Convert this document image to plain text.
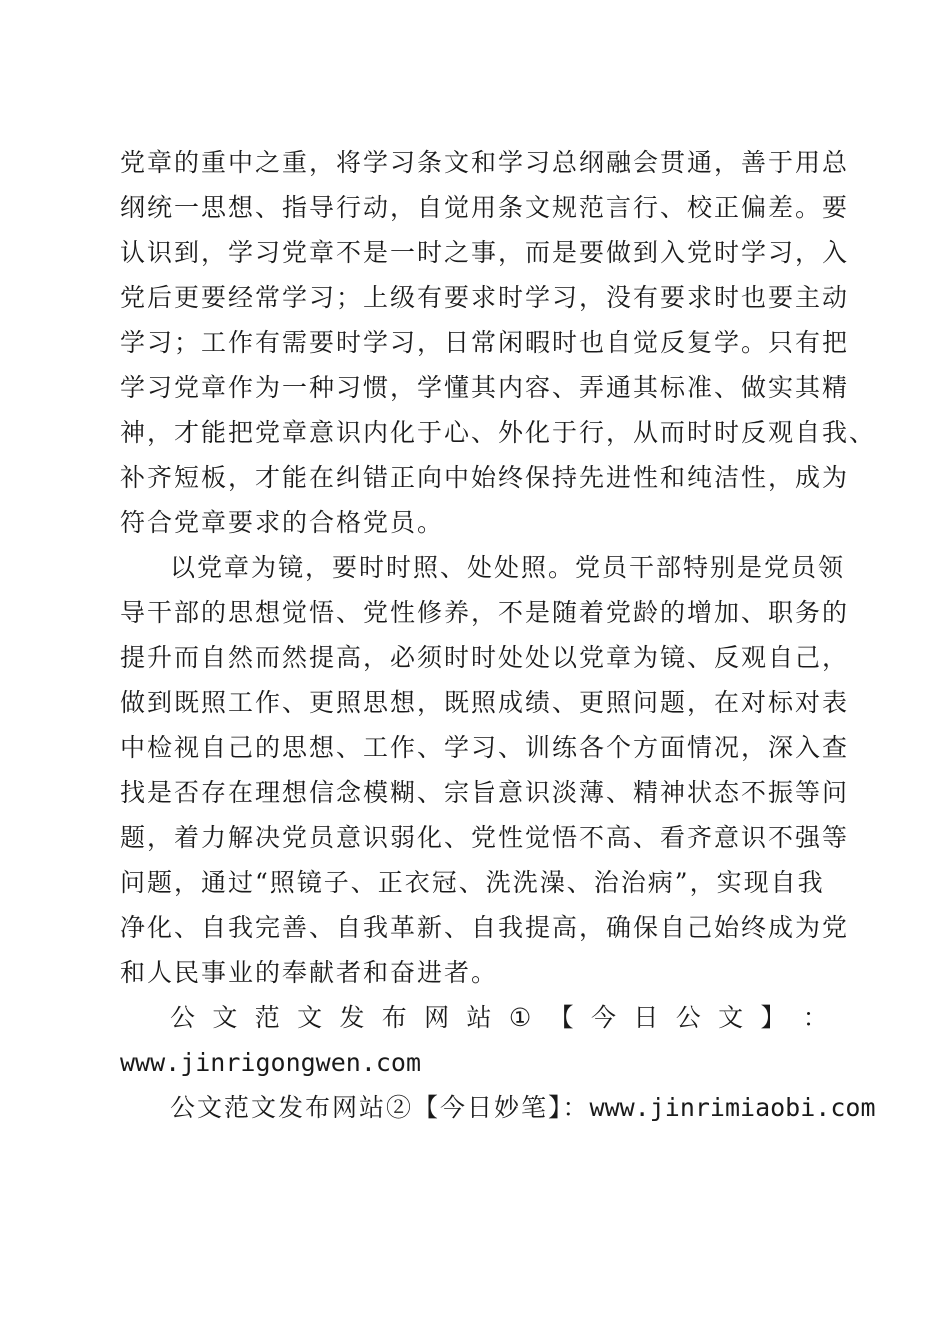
党章的重中之重，将学习条文和学习总纲融会贯通，善于用总
纲统一思想、指导行动，自觉用条文规范言行、校正偏差。要
认识到，学习党章不是一时之事，而是要做到入党时学习，入
党后更要经常学习；上级有要求时学习，没有要求时也要主动
学习；工作有需要时学习，日常闲暇时也自觉反复学。只有把
学习党章作为一种习惯，学懂其内容、弄通其标准、做实其精
神，才能把党章意识内化于心、外化于行，从而时时反观自我、
补齐短板，才能在纠错正向中始终保持先进性和纯洁性，成为
符合党章要求的合格党员。
以党章为镜，要时时照、处处照。党员干部特别是党员领
导干部的思想觉悟、党性修养，不是随着党龄的增加、职务的
提升而自然而然提高，必须时时处处以党章为镜、反观自己，
做到既照工作、更照思想，既照成绩、更照问题，在对标对表
中检视自己的思想、工作、学习、训练各个方面情况，深入查
找是否存在理想信念模糊、宗旨意识淡薄、精神状态不振等问
题，着力解决党员意识弱化、党性觉悟不高、看齐意识不强等
问题，通过“照镜子、正衣冠、洗洗澡、治治病”，实现自我
净化、自我完善、自我革新、自我提高，确保自己始终成为党
和人民事业的奉献者和奋进者。
公 文 范 文 发 布 网 站 ① 【 今 日 公 文 】 ：
www.jinrigongwen.com
公文范文发布网站②【今日妙笔】：www.jinrimiaobi.com
